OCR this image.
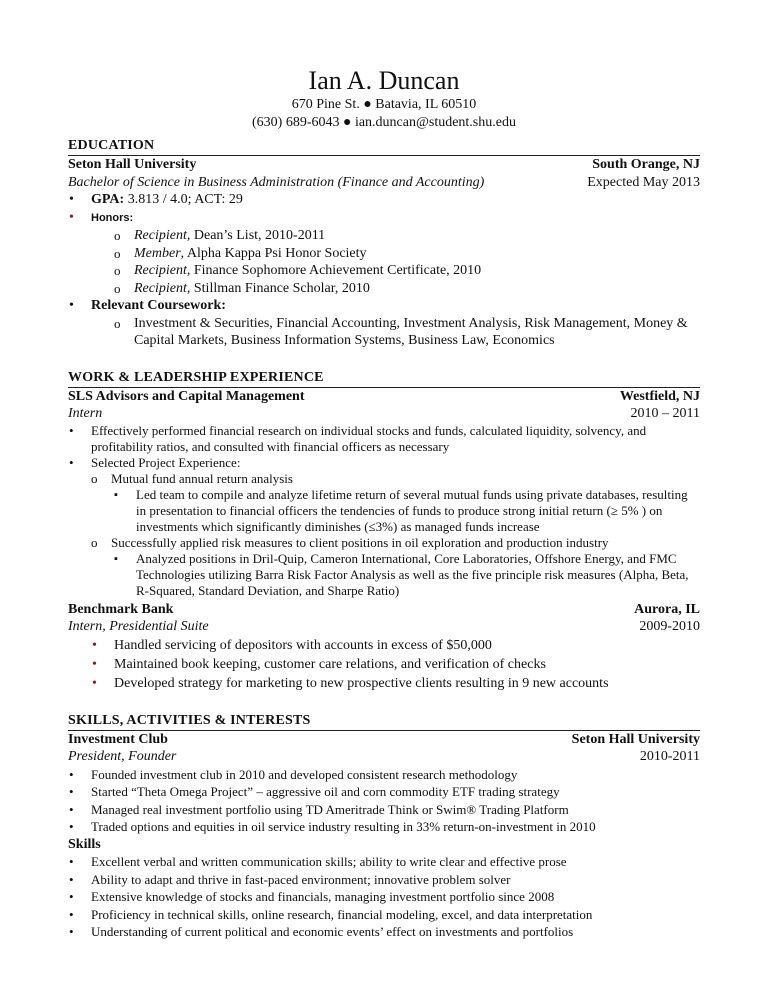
Ian A. Duncan
670 Pine St. ● Batavia, IL 60510
(630) 689-6043 ● ian.duncan@student.shu.edu
EDUCATION
Seton Hall University	South Orange, NJ
Bachelor of Science in Business Administration (Finance and Accounting)	Expected May 2013
• GPA: 3.813 / 4.0; ACT: 29
• Honors:
o Recipient, Dean’s List, 2010-2011
o Member, Alpha Kappa Psi Honor Society
o Recipient, Finance Sophomore Achievement Certificate, 2010
o Recipient, Stillman Finance Scholar, 2010
• Relevant Coursework:
o Investment & Securities, Financial Accounting, Investment Analysis, Risk Management, Money & Capital Markets, Business Information Systems, Business Law, Economics
WORK & LEADERSHIP EXPERIENCE
SLS Advisors and Capital Management	Westfield, NJ
Intern	2010 – 2011
• Effectively performed financial research on individual stocks and funds, calculated liquidity, solvency, and profitability ratios, and consulted with financial officers as necessary
• Selected Project Experience:
o Mutual fund annual return analysis
▪ Led team to compile and analyze lifetime return of several mutual funds using private databases, resulting in presentation to financial officers the tendencies of funds to produce strong initial return (≥ 5% ) on investments which significantly diminishes (≤3%) as managed funds increase
o Successfully applied risk measures to client positions in oil exploration and production industry
▪ Analyzed positions in Dril-Quip, Cameron International, Core Laboratories, Offshore Energy, and FMC Technologies utilizing Barra Risk Factor Analysis as well as the five principle risk measures (Alpha, Beta, R-Squared, Standard Deviation, and Sharpe Ratio)
Benchmark Bank	Aurora, IL
Intern, Presidential Suite	2009-2010
• Handled servicing of depositors with accounts in excess of $50,000
• Maintained book keeping, customer care relations, and verification of checks
• Developed strategy for marketing to new prospective clients resulting in 9 new accounts
SKILLS, ACTIVITIES & INTERESTS
Investment Club	Seton Hall University
President, Founder	2010-2011
• Founded investment club in 2010 and developed consistent research methodology
• Started “Theta Omega Project” – aggressive oil and corn commodity ETF trading strategy
• Managed real investment portfolio using TD Ameritrade Think or Swim® Trading Platform
• Traded options and equities in oil service industry resulting in 33% return-on-investment in 2010
Skills
• Excellent verbal and written communication skills; ability to write clear and effective prose
• Ability to adapt and thrive in fast-paced environment; innovative problem solver
• Extensive knowledge of stocks and financials, managing investment portfolio since 2008
• Proficiency in technical skills, online research, financial modeling, excel, and data interpretation
• Understanding of current political and economic events’ effect on investments and portfolios
